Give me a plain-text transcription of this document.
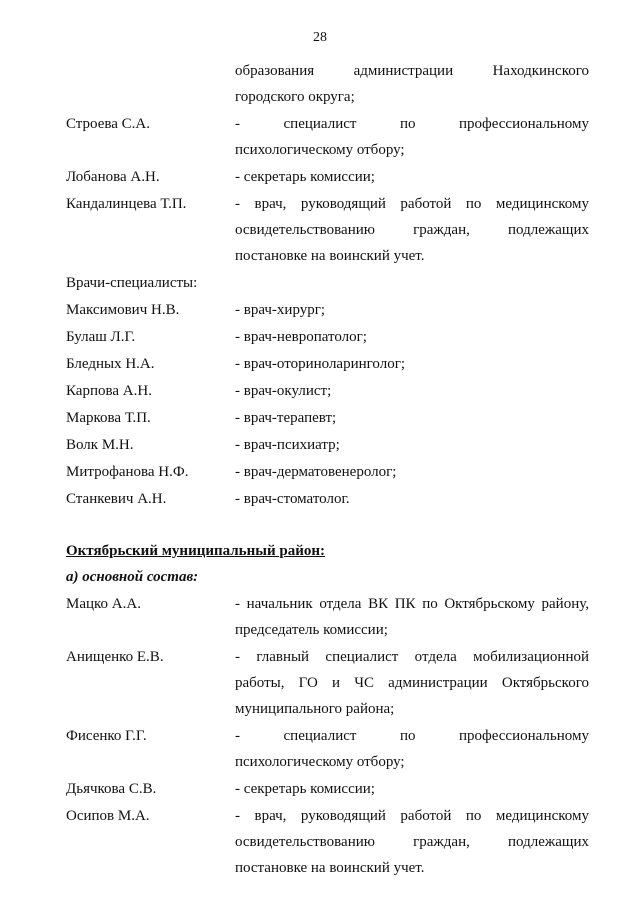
28
образования администрации Находкинского
городского округа;
Строева С.А.	- специалист по профессиональному
психологическому отбору;
Лобанова А.Н.	- секретарь комиссии;
Кандалинцева Т.П.	- врач, руководящий работой по медицинскому
освидетельствованию граждан, подлежащих
постановке на воинский учет.
Врачи-специалисты:
Максимович Н.В.	- врач-хирург;
Булаш Л.Г.	- врач-невропатолог;
Бледных Н.А.	- врач-оториноларинголог;
Карпова А.Н.	- врач-окулист;
Маркова Т.П.	- врач-терапевт;
Волк М.Н.	- врач-психиатр;
Митрофанова Н.Ф.	- врач-дерматовенеролог;
Станкевич А.Н.	- врач-стоматолог.
Октябрьский муниципальный район:
а) основной состав:
Мацко А.А.	- начальник отдела ВК ПК по Октябрьскому району,
председатель комиссии;
Анищенко Е.В.	- главный специалист отдела мобилизационной
работы, ГО и ЧС администрации Октябрьского
муниципального района;
Фисенко Г.Г.	- специалист по профессиональному
психологическому отбору;
Дьячкова С.В.	- секретарь комиссии;
Осипов М.А.	- врач, руководящий работой по медицинскому
освидетельствованию граждан, подлежащих
постановке на воинский учет.
